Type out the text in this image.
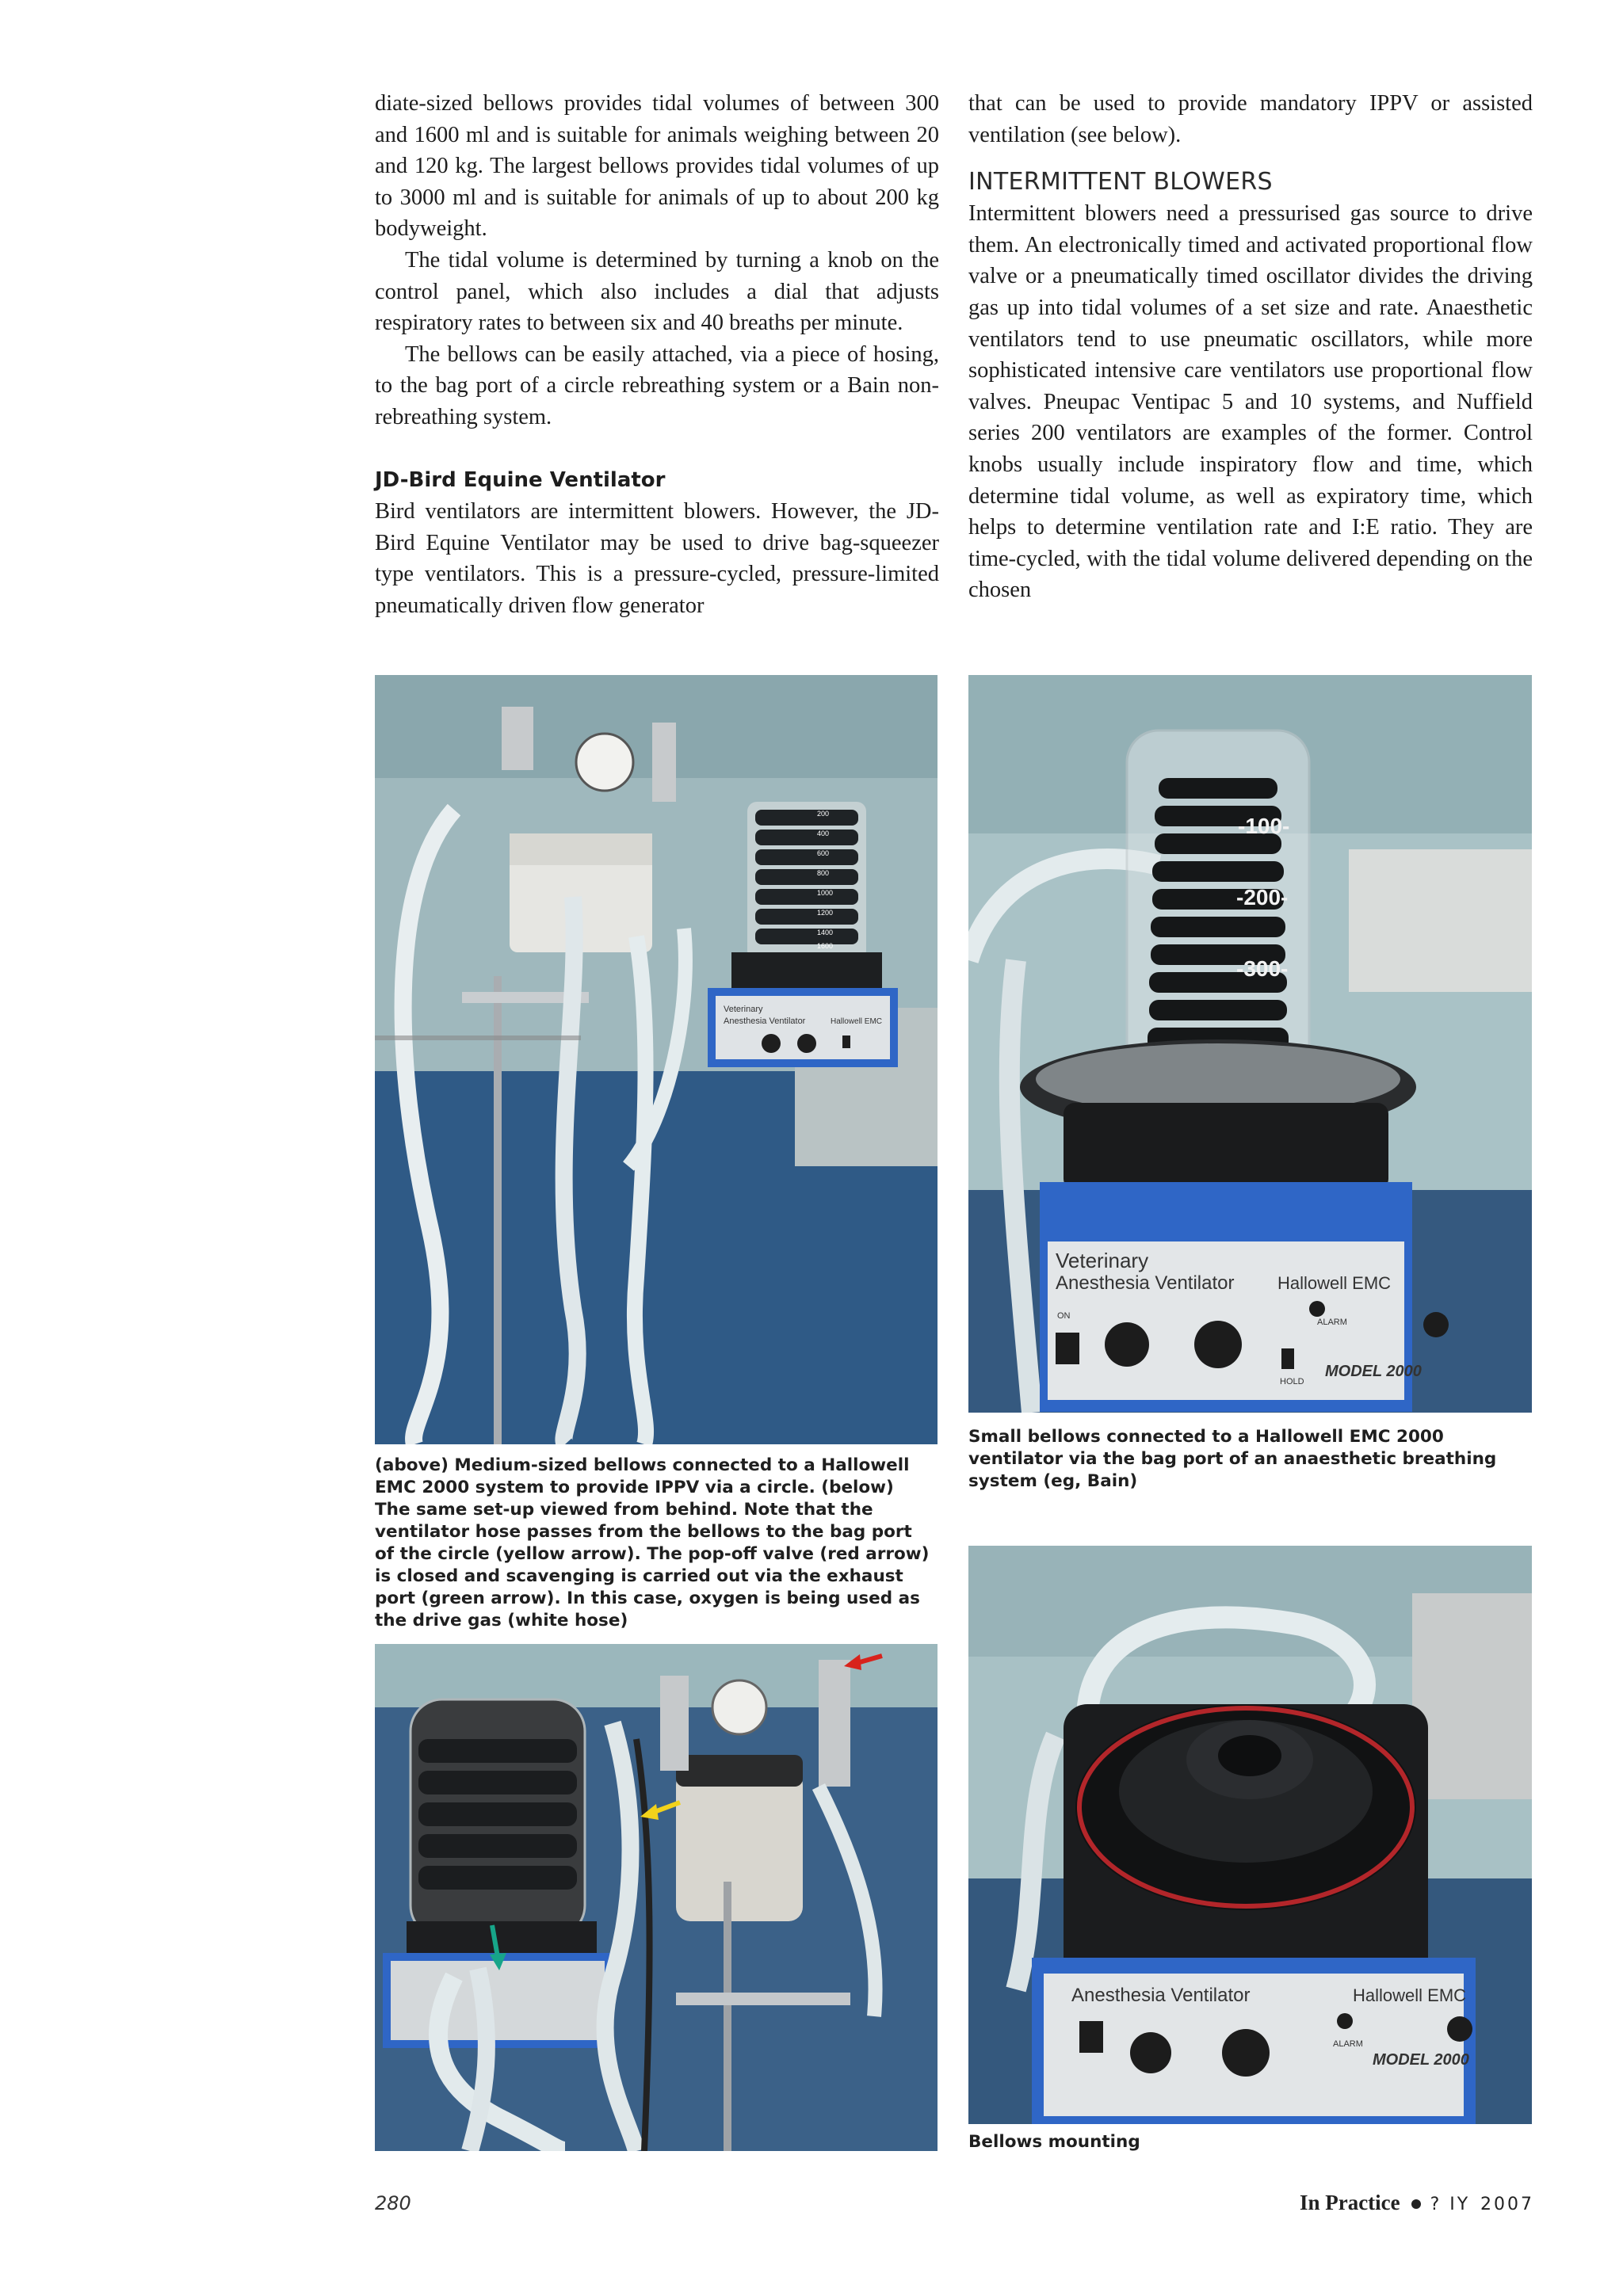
diate-sized bellows provides tidal volumes of between 300 and 1600 ml and is suitable for animals weighing between 20 and 120 kg. The largest bellows provides tidal volumes of up to 3000 ml and is suitable for animals of up to about 200 kg bodyweight.

The tidal volume is determined by turning a knob on the control panel, which also includes a dial that adjusts respiratory rates to between six and 40 breaths per minute.

The bellows can be easily attached, via a piece of hosing, to the bag port of a circle rebreathing system or a Bain non-rebreathing system.

JD-Bird Equine Ventilator

Bird ventilators are intermittent blowers. However, the JD-Bird Equine Ventilator may be used to drive bag-squeezer type ventilators. This is a pressure-cycled, pressure-limited pneumatically driven flow generator

that can be used to provide mandatory IPPV or assisted ventilation (see below).

INTERMITTENT BLOWERS

Intermittent blowers need a pressurised gas source to drive them. An electronically timed and activated proportional flow valve or a pneumatically timed oscillator divides the driving gas up into tidal volumes of a set size and rate. Anaesthetic ventilators tend to use pneumatic oscillators, while more sophisticated intensive care ventilators use proportional flow valves. Pneupac Ventipac 5 and 10 systems, and Nuffield series 200 ventilators are examples of the former. Control knobs usually include inspiratory flow and time, which determine tidal volume, as well as expiratory time, which helps to determine ventilation rate and I:E ratio. They are time-cycled, with the tidal volume delivered depending on the chosen

200
400
600
800
1000
1200
1400
1600
Veterinary
Anesthesia Ventilator	Hallowell EMC
-100-
-200-
-300-
Veterinary
Anesthesia Ventilator Hallowell EMC
MODEL 2000
ON
ALARM
HOLD
Small bellows connected to a Hallowell EMC 2000 ventilator via the bag port of an anaesthetic breathing system (eg, Bain)
(above) Medium-sized bellows connected to a Hallowell EMC 2000 system to provide IPPV via a circle. (below) The same set-up viewed from behind. Note that the ventilator hose passes from the bellows to the bag port of the circle (yellow arrow). The pop-off valve (red arrow) is closed and scavenging is carried out via the exhaust port (green arrow). In this case, oxygen is being used as the drive gas (white hose)
Anesthesia Ventilator	Hallowell EMC
MODEL 2000
ALARM
Bellows mounting
280	In Practice ? IY 2007
